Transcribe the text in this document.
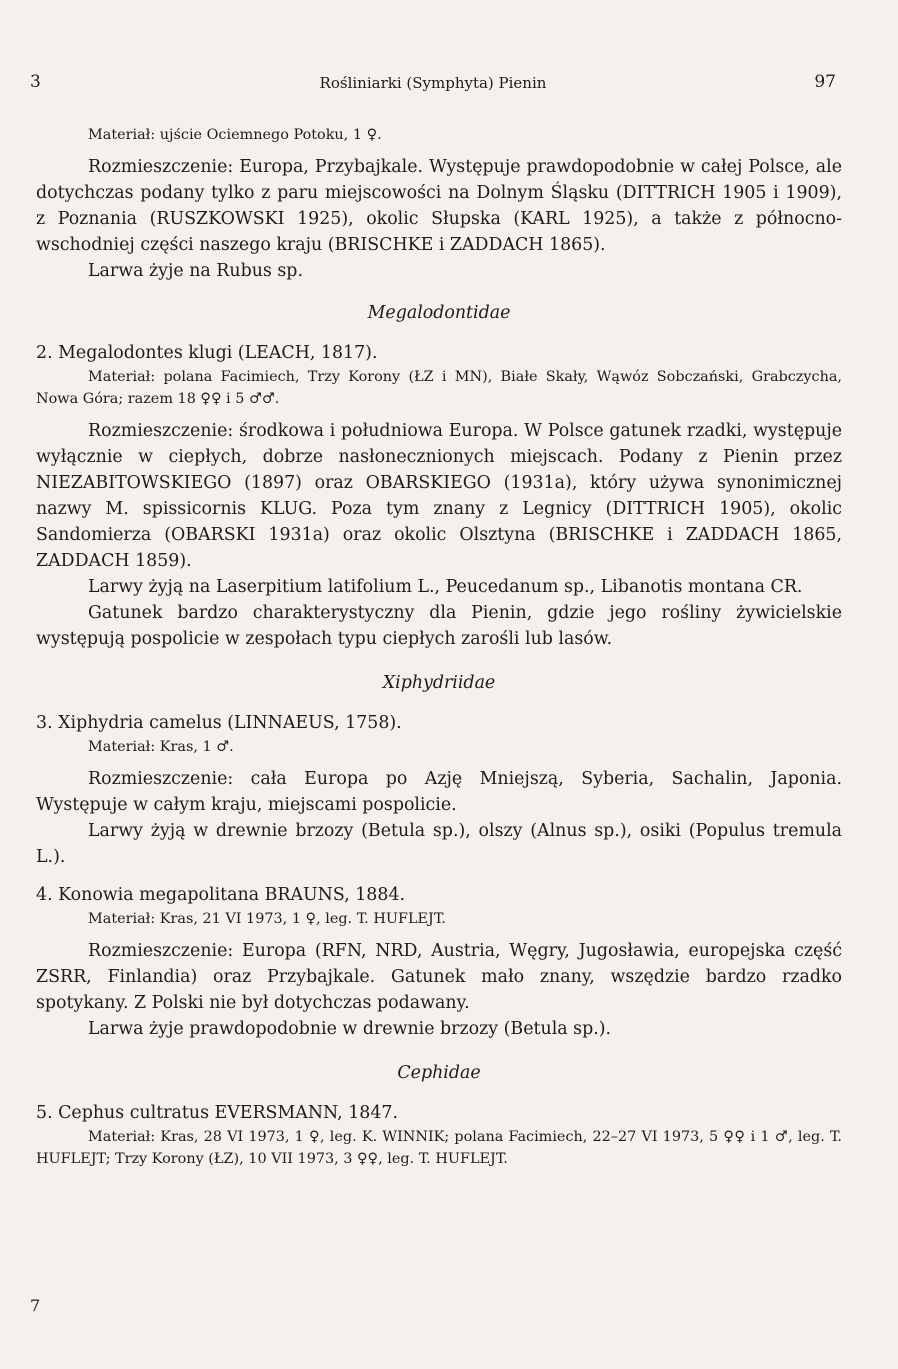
3	Rośliniarki (Symphyta) Pienin	97

Materiał: ujście Ociemnego Potoku, 1 ♀.

Rozmieszczenie: Europa, Przybajkale. Występuje prawdopodobnie w całej Polsce, ale dotychczas podany tylko z paru miejscowości na Dolnym Śląsku (DITTRICH 1905 i 1909), z Poznania (RUSZKOWSKI 1925), okolic Słupska (KARL 1925), a także z północno-wschodniej części naszego kraju (BRISCHKE i ZADDACH 1865).

Larwa żyje na Rubus sp.

Megalodontidae

2. Megalodontes klugi (LEACH, 1817).

Materiał: polana Facimiech, Trzy Korony (ŁZ i MN), Białe Skały, Wąwóz Sobczański, Grabczycha, Nowa Góra; razem 18 ♀♀ i 5 ♂♂.

Rozmieszczenie: środkowa i południowa Europa. W Polsce gatunek rzadki, występuje wyłącznie w ciepłych, dobrze nasłonecznionych miejscach. Podany z Pienin przez NIEZABITOWSKIEGO (1897) oraz OBARSKIEGO (1931a), który używa synonimicznej nazwy M. spissicornis KLUG. Poza tym znany z Legnicy (DITTRICH 1905), okolic Sandomierza (OBARSKI 1931a) oraz okolic Olsztyna (BRISCHKE i ZADDACH 1865, ZADDACH 1859).

Larwy żyją na Laserpitium latifolium L., Peucedanum sp., Libanotis montana CR.

Gatunek bardzo charakterystyczny dla Pienin, gdzie jego rośliny żywicielskie występują pospolicie w zespołach typu ciepłych zarośli lub lasów.

Xiphydriidae

3. Xiphydria camelus (LINNAEUS, 1758).

Materiał: Kras, 1 ♂.

Rozmieszczenie: cała Europa po Azję Mniejszą, Syberia, Sachalin, Japonia. Występuje w całym kraju, miejscami pospolicie.

Larwy żyją w drewnie brzozy (Betula sp.), olszy (Alnus sp.), osiki (Populus tremula L.).

4. Konowia megapolitana BRAUNS, 1884.

Materiał: Kras, 21 VI 1973, 1 ♀, leg. T. HUFLEJT.

Rozmieszczenie: Europa (RFN, NRD, Austria, Węgry, Jugosławia, europejska część ZSRR, Finlandia) oraz Przybajkale. Gatunek mało znany, wszędzie bardzo rzadko spotykany. Z Polski nie był dotychczas podawany.

Larwa żyje prawdopodobnie w drewnie brzozy (Betula sp.).

Cephidae

5. Cephus cultratus EVERSMANN, 1847.

Materiał: Kras, 28 VI 1973, 1 ♀, leg. K. WINNIK; polana Facimiech, 22–27 VI 1973, 5 ♀♀ i 1 ♂, leg. T. HUFLEJT; Trzy Korony (ŁZ), 10 VII 1973, 3 ♀♀, leg. T. HUFLEJT.

7
